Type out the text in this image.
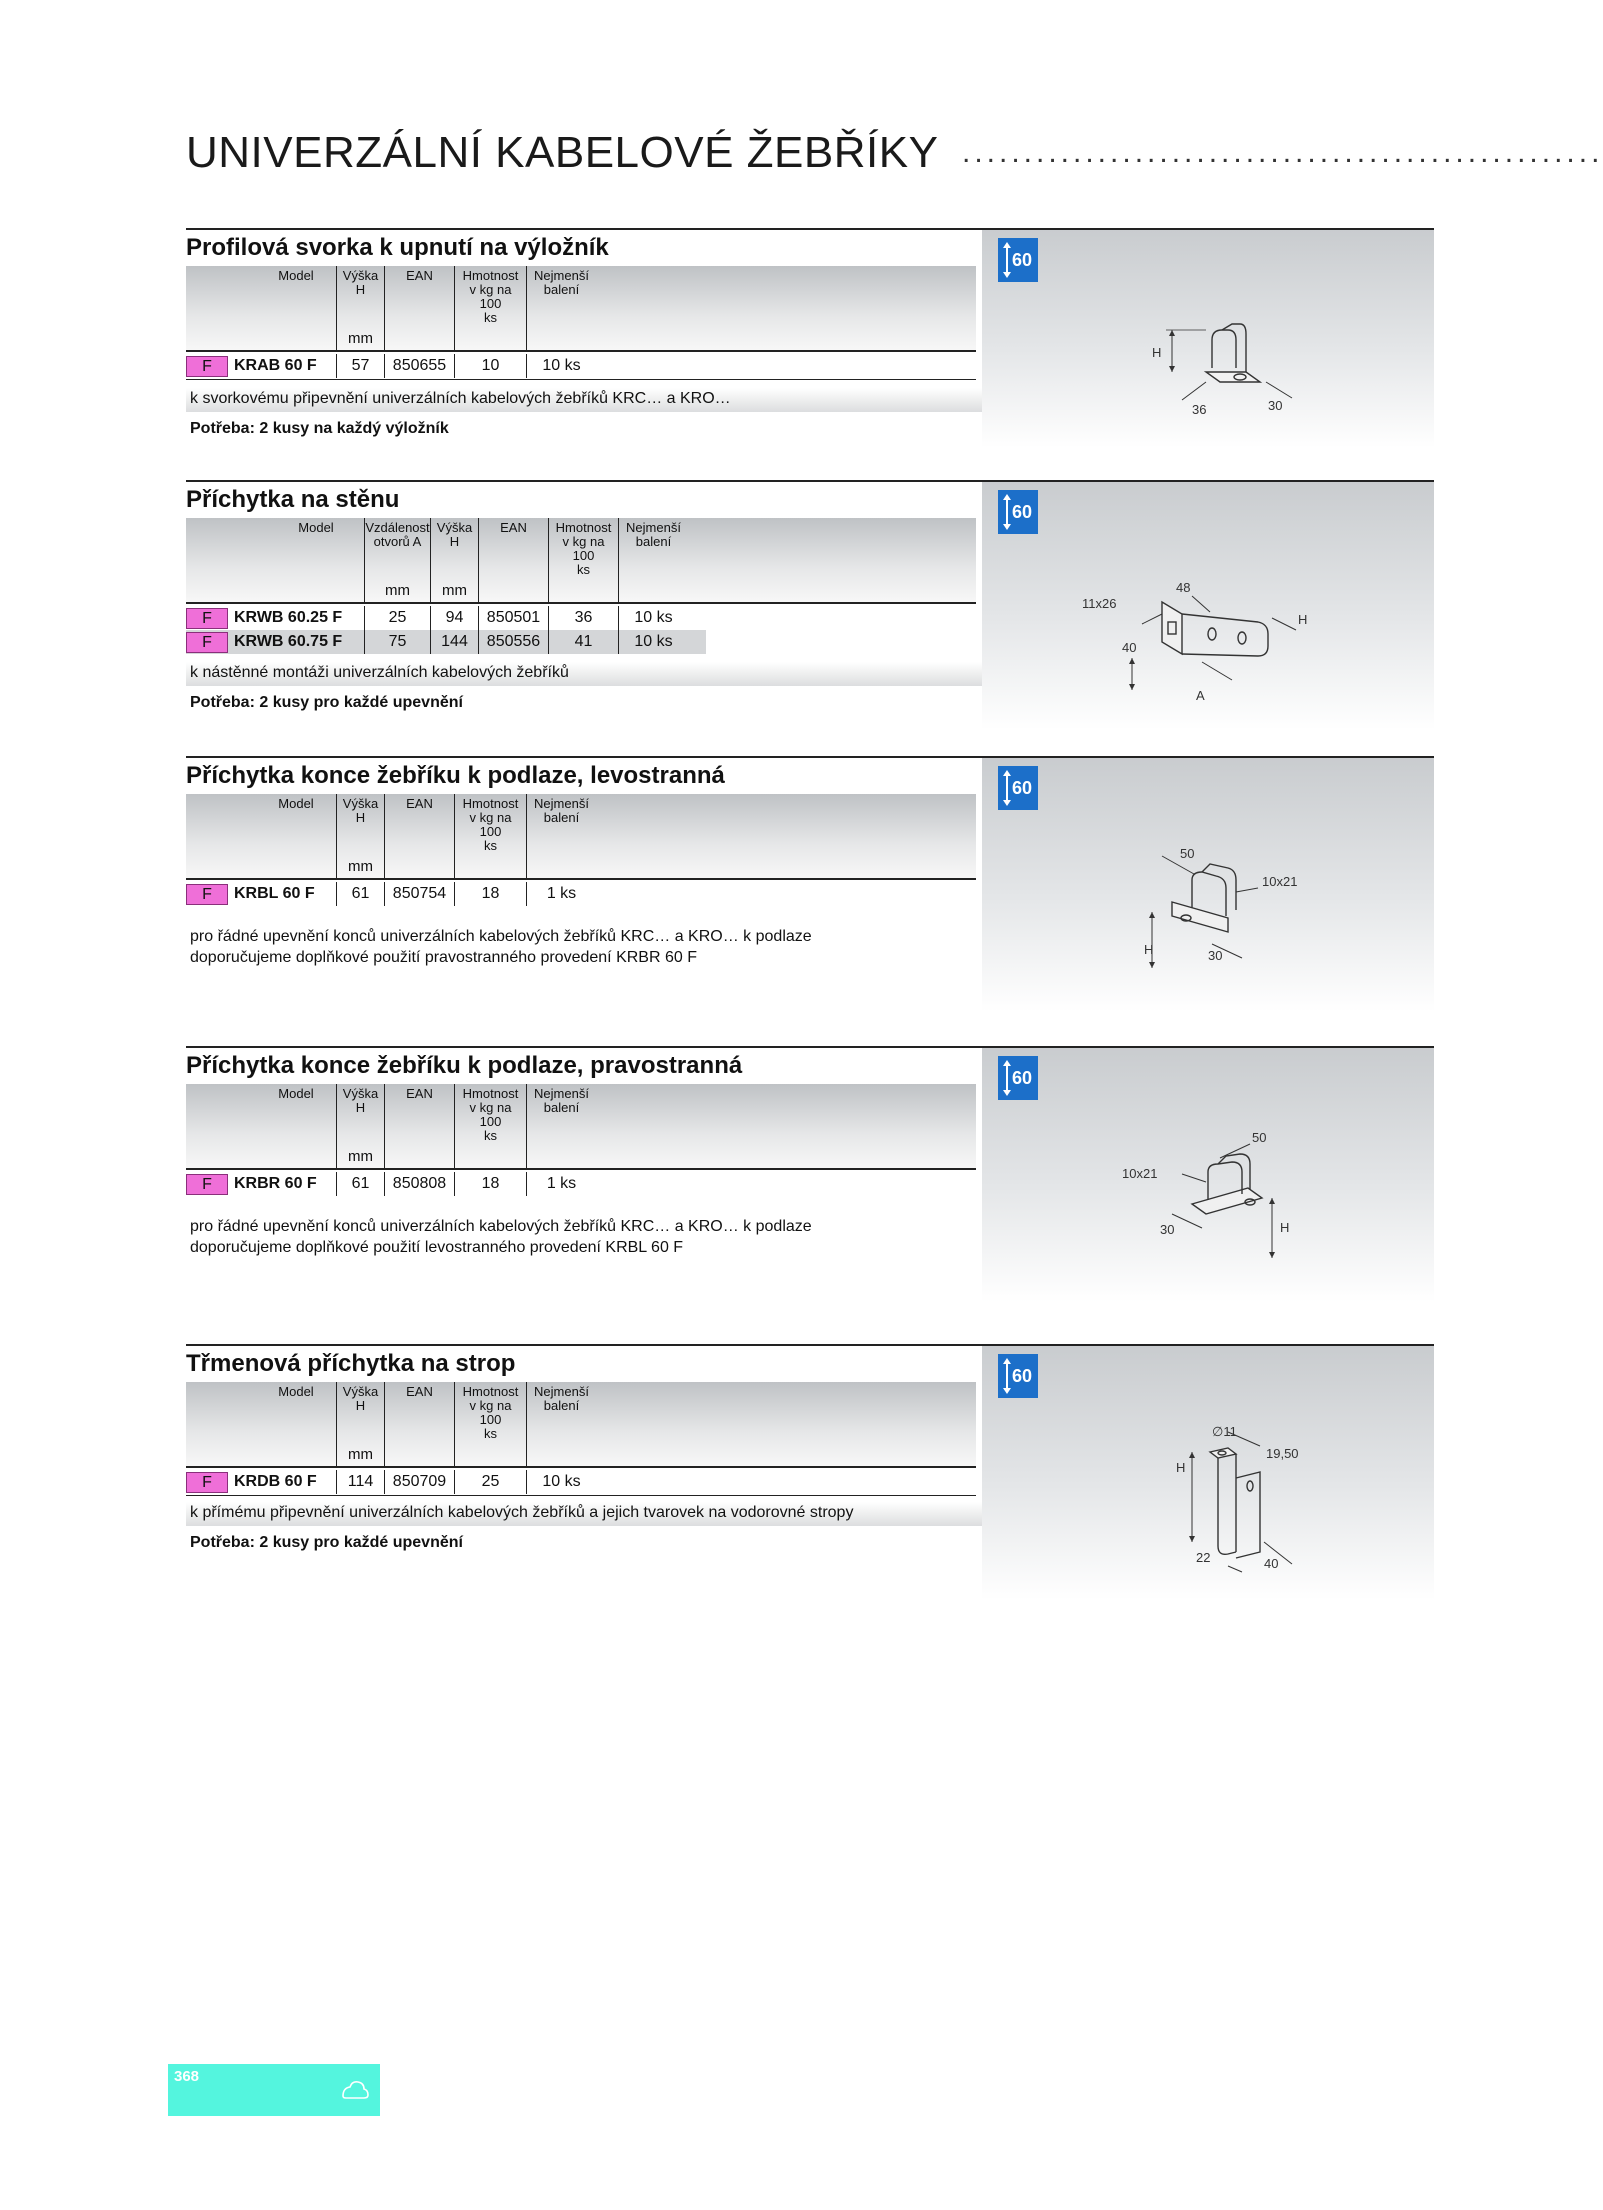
UNIVERZÁLNÍ KABELOVÉ ŽEBŘÍKY ....................................................
Profilová svorka k upnutí na výložník
Model	Výška
H
mm
EAN	Hmotnost
v kg na
100
ks
Nejmenší
balení
F	KRAB 60 F	57	850655	10	10 ks
k svorkovému připevnění univerzálních kabelových žebříků KRC… a KRO…
Potřeba: 2 kusy na každý výložník
60
H
36	30
Příchytka na stěnu
Model	Vzdálenost
otvorů A
mm
Výška
H
mm
EAN	Hmotnost
v kg na
100
ks
Nejmenší
balení
F	KRWB 60.25 F	25	94	850501	36	10 ks
F	KRWB 60.75 F	75	144	850556	41	10 ks
k nástěnné montáži univerzálních kabelových žebříků
Potřeba: 2 kusy pro každé upevnění
60
11x26
48
H
40
A
Příchytka konce žebříku k podlaze, levostranná
Model	Výška
H
mm
EAN	Hmotnost
v kg na
100
ks
Nejmenší
balení
F	KRBL 60 F	61	850754	18	1 ks
pro řádné upevnění konců univerzálních kabelových žebříků KRC… a KRO… k podlaze
doporučujeme doplňkové použití pravostranného provedení KRBR 60 F
60
50
10x21
H	30
Příchytka konce žebříku k podlaze, pravostranná
Model	Výška
H
mm
EAN	Hmotnost
v kg na
100
ks
Nejmenší
balení
F	KRBR 60 F	61	850808	18	1 ks
pro řádné upevnění konců univerzálních kabelových žebříků KRC… a KRO… k podlaze
doporučujeme doplňkové použití levostranného provedení KRBL 60 F
60
50
10x21
30	H
Třmenová příchytka na strop
Model	Výška
H
mm
EAN	Hmotnost
v kg na
100
ks
Nejmenší
balení
F	KRDB 60 F	114	850709	25	10 ks
k přímému připevnění univerzálních kabelových žebříků a jejich tvarovek na vodorovné stropy
Potřeba: 2 kusy pro každé upevnění
60
∅11
19,50
H
22	40
368
